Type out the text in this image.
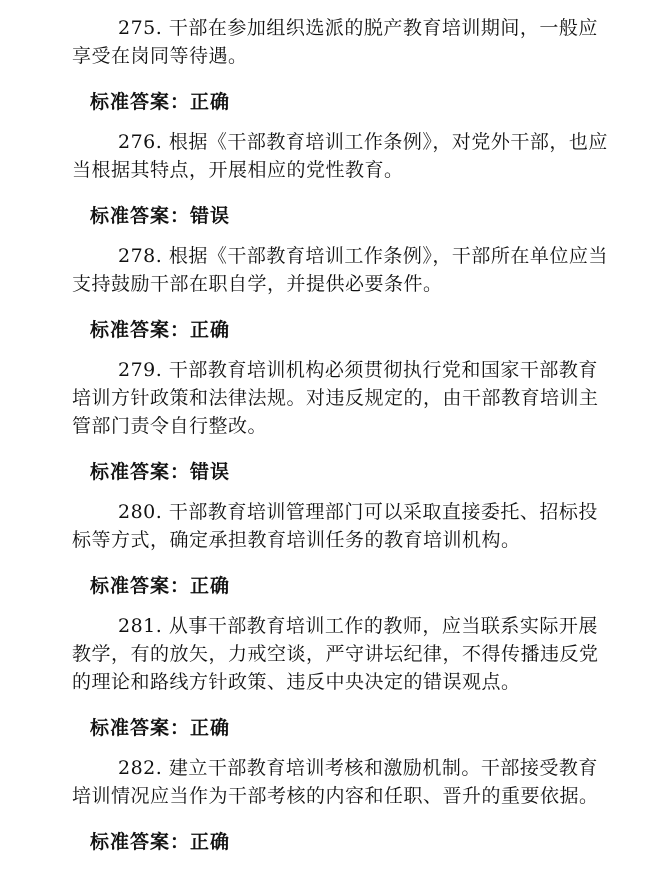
275. 干部在参加组织选派的脱产教育培训期间，一般应享受在岗同等待遇。

标准答案：正确

276. 根据《干部教育培训工作条例》，对党外干部，也应当根据其特点，开展相应的党性教育。

标准答案：错误

278. 根据《干部教育培训工作条例》，干部所在单位应当支持鼓励干部在职自学，并提供必要条件。

标准答案：正确

279. 干部教育培训机构必须贯彻执行党和国家干部教育培训方针政策和法律法规。对违反规定的，由干部教育培训主管部门责令自行整改。

标准答案：错误

280. 干部教育培训管理部门可以采取直接委托、招标投标等方式，确定承担教育培训任务的教育培训机构。

标准答案：正确

281. 从事干部教育培训工作的教师，应当联系实际开展教学，有的放矢，力戒空谈，严守讲坛纪律，不得传播违反党的理论和路线方针政策、违反中央决定的错误观点。

标准答案：正确

282. 建立干部教育培训考核和激励机制。干部接受教育 培训情况应当作为干部考核的内容和任职、晋升的重要依据。

标准答案：正确
